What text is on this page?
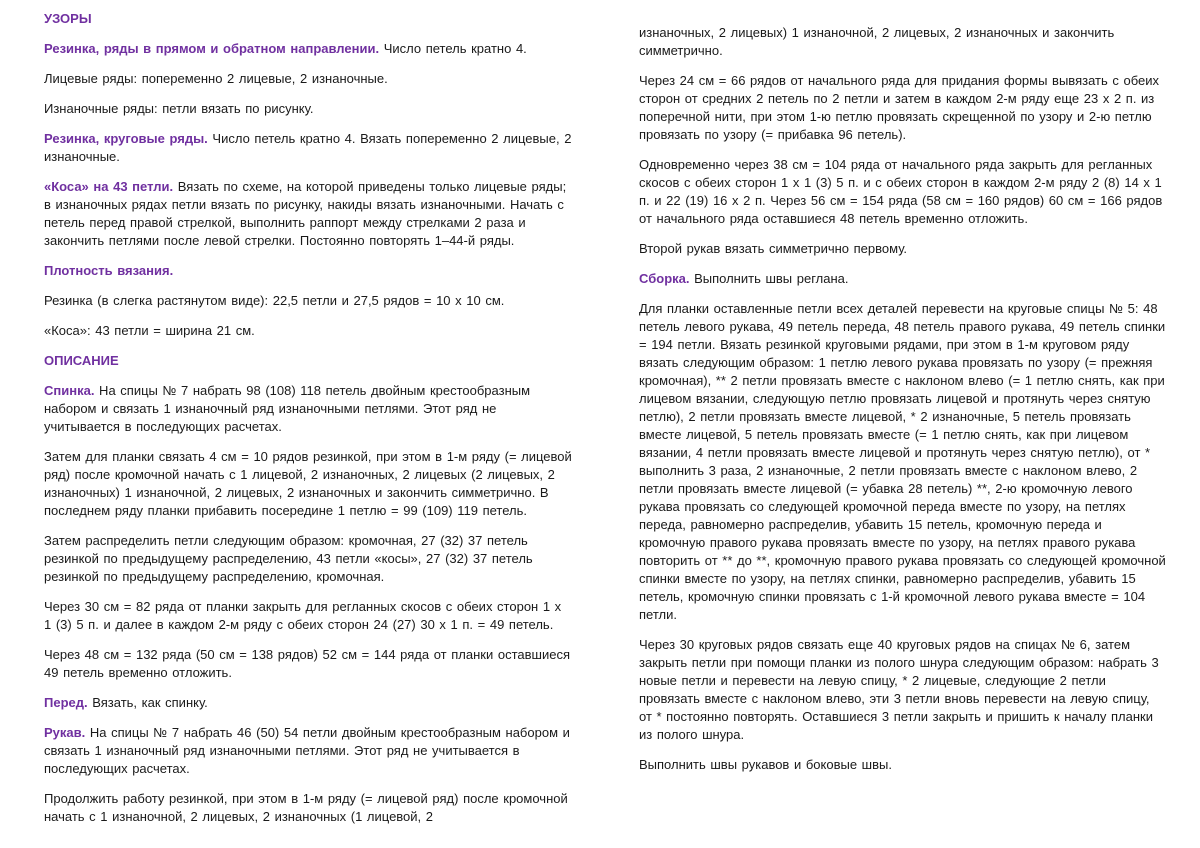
УЗОРЫ

Резинка, ряды в прямом и обратном направлении. Число петель кратно 4.

Лицевые ряды: попеременно 2 лицевые, 2 изнаночные.

Изнаночные ряды: петли вязать по рисунку.

Резинка, круговые ряды. Число петель кратно 4. Вязать попеременно 2 лицевые, 2 изнаночные.

«Коса» на 43 петли. Вязать по схеме, на которой приведены только лицевые ряды; в изнаночных рядах петли вязать по рисунку, накиды вязать изнаночными. Начать с петель перед правой стрелкой, выполнить раппорт между стрелками 2 раза и закончить петлями после левой стрелки. Постоянно повторять 1–44-й ряды.

Плотность вязания.

Резинка (в слегка растянутом виде): 22,5 петли и 27,5 рядов = 10 х 10 см.

«Коса»: 43 петли = ширина 21 см.

ОПИСАНИЕ

Спинка. На спицы № 7 набрать 98 (108) 118 петель двойным крестообразным набором и связать 1 изнаночный ряд изнаночными петлями. Этот ряд не учитывается в последующих расчетах.

Затем для планки связать 4 см = 10 рядов резинкой, при этом в 1-м ряду (= лицевой ряд) после кромочной начать с 1 лицевой, 2 изнаночных, 2 лицевых (2 лицевых, 2 изнаночных) 1 изнаночной, 2 лицевых, 2 изнаночных и закончить симметрично. В последнем ряду планки прибавить посередине 1 петлю = 99 (109) 119 петель.

Затем распределить петли следующим образом: кромочная, 27 (32) 37 петель резинкой по предыдущему распределению, 43 петли «косы», 27 (32) 37 петель резинкой по предыдущему распределению, кромочная.

Через 30 см = 82 ряда от планки закрыть для регланных скосов с обеих сторон 1 х 1 (3) 5 п. и далее в каждом 2-м ряду с обеих сторон 24 (27) 30 х 1 п. = 49 петель.

Через 48 см = 132 ряда (50 см = 138 рядов) 52 см = 144 ряда от планки оставшиеся 49 петель временно отложить.

Перед. Вязать, как спинку.

Рукав. На спицы № 7 набрать 46 (50) 54 петли двойным крестообразным набором и связать 1 изнаночный ряд изнаночными петлями. Этот ряд не учитывается в последующих расчетах.

Продолжить работу резинкой, при этом в 1-м ряду (= лицевой ряд) после кромочной начать с 1 изнаночной, 2 лицевых, 2 изнаночных (1 лицевой, 2

изнаночных, 2 лицевых) 1 изнаночной, 2 лицевых, 2 изнаночных и закончить симметрично.

Через 24 см = 66 рядов от начального ряда для придания формы вывязать с обеих сторон от средних 2 петель по 2 петли и затем в каждом 2-м ряду еще 23 х 2 п. из поперечной нити, при этом 1-ю петлю провязать скрещенной по узору и 2-ю петлю провязать по узору (= прибавка 96 петель).

Одновременно через 38 см = 104 ряда от начального ряда закрыть для регланных скосов с обеих сторон 1 х 1 (3) 5 п. и с обеих сторон в каждом 2-м ряду 2 (8) 14 х 1 п. и 22 (19) 16 х 2 п. Через 56 см = 154 ряда (58 см = 160 рядов) 60 см = 166 рядов от начального ряда оставшиеся 48 петель временно отложить.

Второй рукав вязать симметрично первому.

Сборка. Выполнить швы реглана.

Для планки оставленные петли всех деталей перевести на круговые спицы № 5: 48 петель левого рукава, 49 петель переда, 48 петель правого рукава, 49 петель спинки = 194 петли. Вязать резинкой круговыми рядами, при этом в 1-м круговом ряду вязать следующим образом: 1 петлю левого рукава провязать по узору (= прежняя кромочная), ** 2 петли провязать вместе с наклоном влево (= 1 петлю снять, как при лицевом вязании, следующую петлю провязать лицевой и протянуть через снятую петлю), 2 петли провязать вместе лицевой, * 2 изнаночные, 5 петель провязать вместе лицевой, 5 петель провязать вместе (= 1 петлю снять, как при лицевом вязании, 4 петли провязать вместе лицевой и протянуть через снятую петлю), от * выполнить 3 раза, 2 изнаночные, 2 петли провязать вместе с наклоном влево, 2 петли провязать вместе лицевой (= убавка 28 петель) **, 2-ю кромочную левого рукава провязать со следующей кромочной переда вместе по узору, на петлях переда, равномерно распределив, убавить 15 петель, кромочную переда и кромочную правого рукава провязать вместе по узору, на петлях правого рукава повторить от ** до **, кромочную правого рукава провязать со следующей кромочной спинки вместе по узору, на петлях спинки, равномерно распределив, убавить 15 петель, кромочную спинки провязать с 1-й кромочной левого рукава вместе = 104 петли.

Через 30 круговых рядов связать еще 40 круговых рядов на спицах № 6, затем закрыть петли при помощи планки из полого шнура следующим образом: набрать 3 новые петли и перевести на левую спицу, * 2 лицевые, следующие 2 петли провязать вместе с наклоном влево, эти 3 петли вновь перевести на левую спицу, от * постоянно повторять. Оставшиеся 3 петли закрыть и пришить к началу планки из полого шнура.

Выполнить швы рукавов и боковые швы.
